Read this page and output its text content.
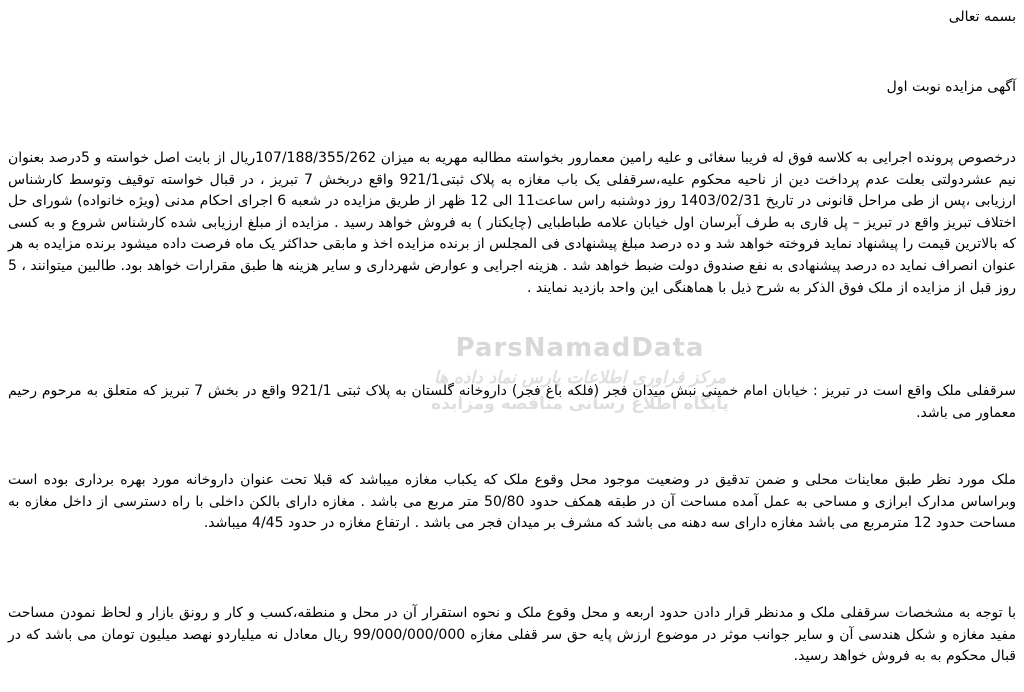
بسمه تعالی
آگهی مزایده نوبت اول
درخصوص پرونده اجرایی به کلاسه فوق له فریبا سغائی و علیه رامین معمارور بخواسته مطالبه مهریه به میزان 107/188/355/262ریال از بابت اصل خواسته و 5درصد بعنوان نیم عشردولتی بعلت عدم پرداخت دین از ناحیه محکوم علیه،سرقفلی یک باب مغازه به پلاک ثبتی921/1 واقع دربخش 7 تبریز ، در قبال خواسته توقیف وتوسط کارشناس ارزیابی ،پس از طی مراحل قانونی در تاریخ 1403/02/31 روز دوشنبه راس ساعت11 الی 12 ظهر از طریق مزایده در شعبه 6 اجرای احکام مدنی (ویژه خانواده) شورای حل اختلاف تبریز واقع در تبریز – پل قاری به طرف آبرسان اول خیابان علامه طباطبایی (چایکنار ) به فروش خواهد رسید . مزایده از مبلغ ارزیابی شده کارشناس شروع و به کسی که بالاترین قیمت را پیشنهاد نماید فروخته خواهد شد و ده درصد مبلغ پیشنهادی فی المجلس از برنده مزایده اخذ و مابقی حداکثر یک ماه فرصت داده میشود برنده مزایده به هر عنوان انصراف نماید ده درصد پیشنهادی به نفع صندوق دولت ضبط خواهد شد . هزینه اجرایی و عوارض شهرداری و سایر هزینه ها طبق مقرارات خواهد بود. طالبین میتوانند ، 5 روز قبل از مزایده از ملک فوق الذکر به شرح ذیل با هماهنگی این واحد بازدید نمایند .
ParsNamadData
مرکز فراوری اطلاعات پارس نماد داده ها
پایگاه اطلاع رسانی مناقصه ومزایده
سرقفلی ملک واقع است در تبریز : خیابان امام خمینی نبش میدان فجر (فلکه باغ فجر) داروخانه گلستان به پلاک ثبتی 921/1 واقع در بخش 7 تبریز که متعلق به مرحوم رحیم معماور می باشد.
ملک مورد نظر طبق معاینات محلی و ضمن تدقیق در وضعیت موجود محل وقوع ملک که یکباب مغازه میباشد که قبلا تحت عنوان داروخانه مورد بهره برداری بوده است وبراساس مدارک ابرازی و مساحی به عمل آمده مساحت آن در طبقه همکف حدود 50/80 متر مربع می باشد . مغازه دارای بالکن داخلی با راه دسترسی از داخل مغازه به مساحت حدود 12 مترمربع می باشد مغازه دارای سه دهنه می باشد که مشرف بر میدان فجر می باشد . ارتفاع مغازه در حدود 4/45 میباشد.
با توجه به مشخصات سرقفلی ملک و مدنظر قرار دادن حدود اربعه و محل وقوع ملک و نحوه استقرار آن در محل و منطقه،کسب و کار و رونق بازار و لحاظ نمودن مساحت مفید مغازه و شکل هندسی آن و سایر جوانب موثر در موضوع ارزش پایه حق سر قفلی مغازه 99/000/000/000 ریال معادل نه میلیاردو نهصد میلیون تومان می باشد که در قبال محکوم به به فروش خواهد رسید.
